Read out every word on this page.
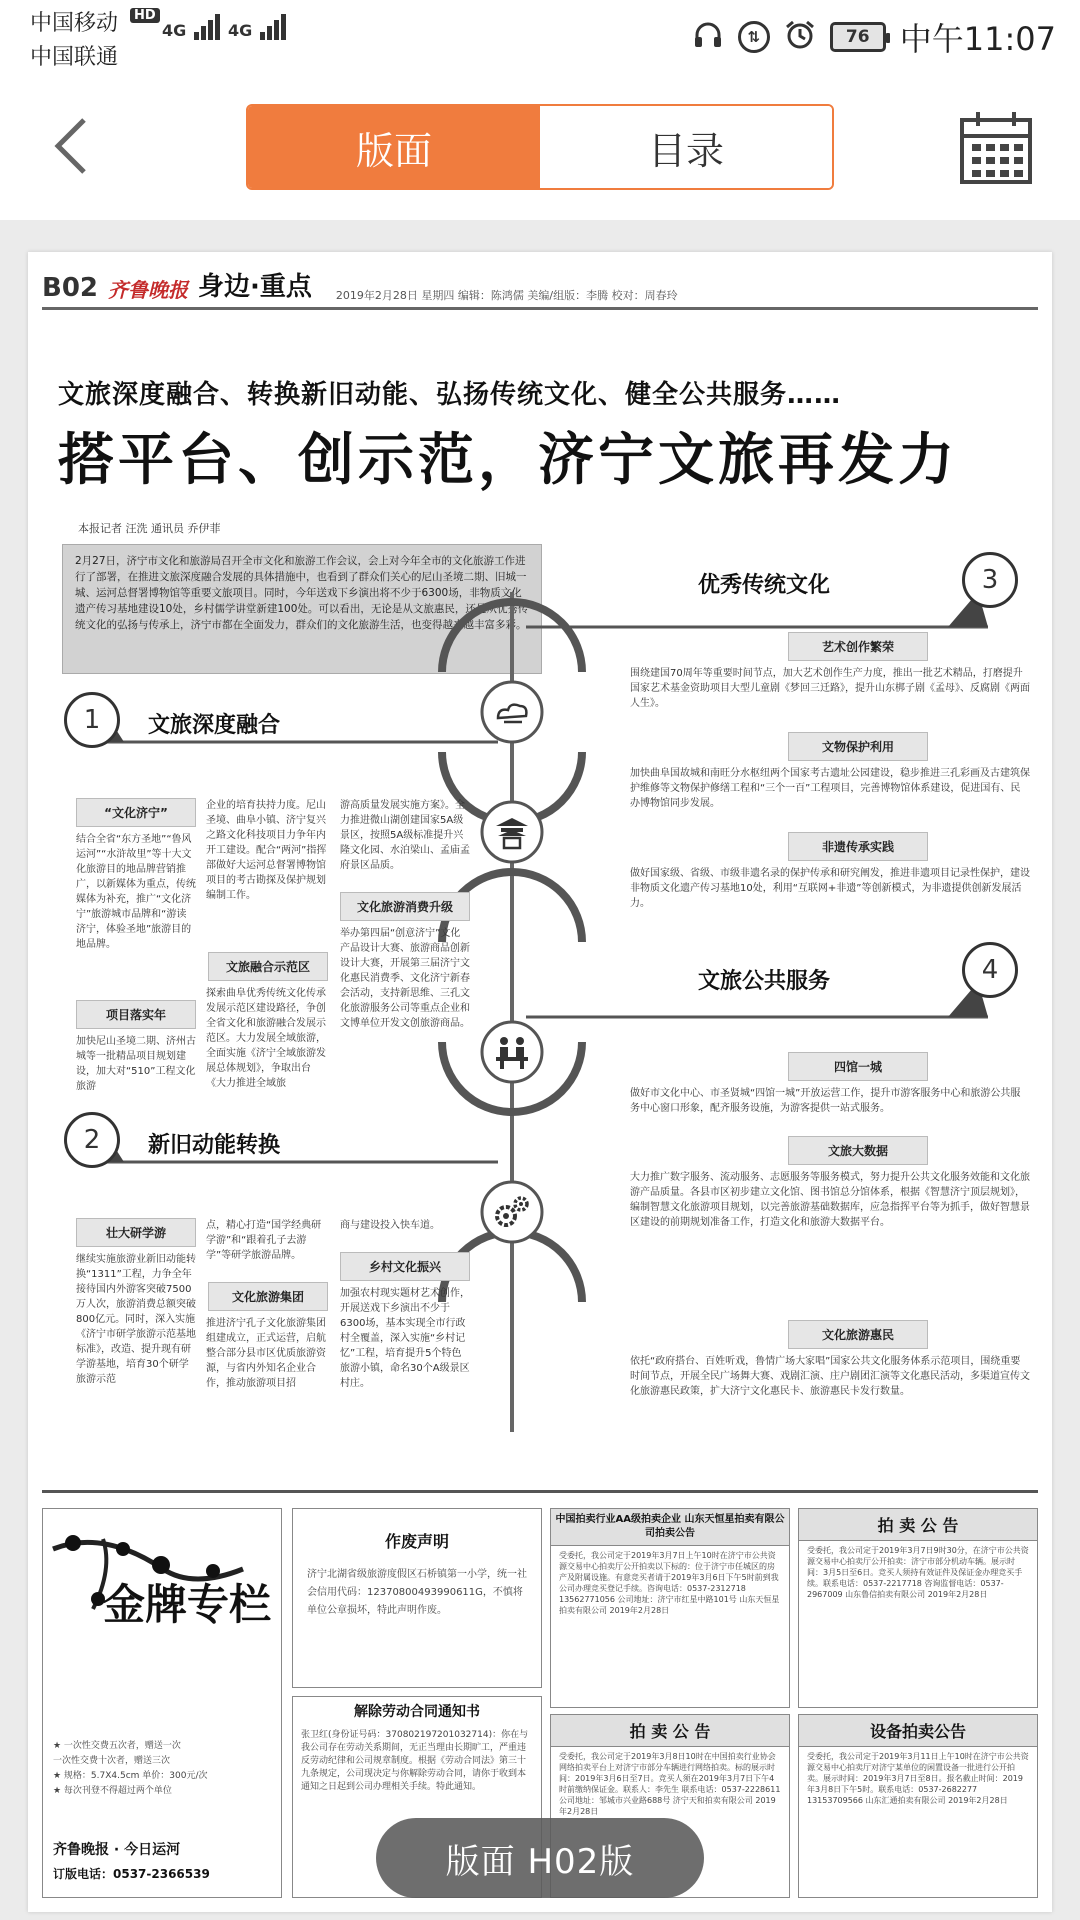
中国移动	HD
中国联通
4G	4G	⇅	76 中午11:07
版面	目录
B02 齐鲁晚报 身边·重点 2019年2月28日 星期四 编辑：陈鸿儒 美编/组版：李腾 校对：周春玲
文旅深度融合、转换新旧动能、弘扬传统文化、健全公共服务……
搭平台、创示范，济宁文旅再发力
本报记者 汪洗 通讯员 乔伊菲
2月27日，济宁市文化和旅游局召开全市文化和旅游工作会议，会上对今年全市的文化旅游工作进行了部署，在推进文旅深度融合发展的具体措施中，也看到了群众们关心的尼山圣境二期、旧城一城、运河总督署博物馆等重要文旅项目。同时，今年送戏下乡演出将不少于6300场，非物质文化遗产传习基地建设10处，乡村儒学讲堂新建100处。可以看出，无论是从文旅惠民，还是从优秀传统文化的弘扬与传承上，济宁市都在全面发力，群众们的文化旅游生活，也变得越来越丰富多彩。
1	文旅深度融合
2	新旧动能转换
3
优秀传统文化
4
文旅公共服务
“文化济宁”
结合全省“东方圣地”“鲁风运河”“水浒故里”等十大文化旅游目的地品牌营销推广，以新媒体为重点，传统媒体为补充，推广“文化济宁”旅游城市品牌和“游读济宁，体验圣地”旅游目的地品牌。
项目落实年
加快尼山圣境二期、济州古城等一批精品项目规划建设，加大对“510”工程文化旅游
企业的培育扶持力度。尼山圣境、曲阜小镇、济宁复兴之路文化科技项目力争年内开工建设。配合“两河”指挥部做好大运河总督署博物馆项目的考古勘探及保护规划编制工作。
文旅融合示范区
探索曲阜优秀传统文化传承发展示范区建设路径，争创全省文化和旅游融合发展示范区。大力发展全域旅游，全面实施《济宁全域旅游发展总体规划》，争取出台《大力推进全域旅
游高质量发展实施方案》。全力推进微山湖创建国家5A级景区，按照5A级标准提升兴隆文化园、水泊梁山、孟庙孟府景区品质。
文化旅游消费升级
举办第四届“创意济宁”文化产品设计大赛、旅游商品创新设计大赛，开展第三届济宁文化惠民消费季、文化济宁新春会活动，支持新思维、三孔文化旅游服务公司等重点企业和文博单位开发文创旅游商品。
艺术创作繁荣
围绕建国70周年等重要时间节点，加大艺术创作生产力度，推出一批艺术精品，打磨提升国家艺术基金资助项目大型儿童剧《梦回三迁路》，提升山东梆子剧《孟母》、反腐剧《两面人生》。
文物保护利用
加快曲阜国故城和南旺分水枢纽两个国家考古遗址公园建设，稳步推进三孔彩画及古建筑保护维修等文物保护修缮工程和“三个一百”工程项目，完善博物馆体系建设，促进国有、民办博物馆同步发展。
非遗传承实践
做好国家级、省级、市级非遗名录的保护传承和研究阐发，推进非遗项目记录性保护，建设非物质文化遗产传习基地10处，利用“互联网+非遗”等创新模式，为非遗提供创新发展活力。
四馆一城
做好市文化中心、市圣贤城“四馆一城”开放运营工作，提升市游客服务中心和旅游公共服务中心窗口形象，配齐服务设施，为游客提供一站式服务。
文旅大数据
大力推广数字服务、流动服务、志愿服务等服务模式，努力提升公共文化服务效能和文化旅游产品质量。各县市区初步建立文化馆、图书馆总分馆体系，根据《智慧济宁顶层规划》，编制智慧文化旅游项目规划，以完善旅游基础数据库，应急指挥平台等为抓手，做好智慧景区建设的前期规划准备工作，打造文化和旅游大数据平台。
文化旅游惠民
依托“政府搭台、百姓听戏，鲁情广场大家唱”国家公共文化服务体系示范项目，围绕重要时间节点，开展全民广场舞大赛、戏剧汇演、庄户剧团汇演等文化惠民活动，多渠道宣传文化旅游惠民政策，扩大济宁文化惠民卡、旅游惠民卡发行数量。
壮大研学游
继续实施旅游业新旧动能转换“1311”工程，力争全年接待国内外游客突破7500万人次，旅游消费总额突破800亿元。同时，深入实施《济宁市研学旅游示范基地标准》，改造、提升现有研学游基地，培育30个研学旅游示范
点，精心打造“国学经典研学游”和“跟着孔子去游学”等研学旅游品牌。
文化旅游集团
推进济宁孔子文化旅游集团组建成立，正式运营，启航整合部分县市区优质旅游资源，与省内外知名企业合作，推动旅游项目招
商与建设投入快车道。
乡村文化振兴
加强农村现实题材艺术创作，开展送戏下乡演出不少于6300场，基本实现全市行政村全覆盖，深入实施“乡村记忆”工程，培育提升5个特色旅游小镇，命名30个A级景区村庄。
金牌专栏
★ 一次性交费五次者，赠送一次
一次性交费十次者，赠送三次
★ 规格：5.7X4.5cm 单价：300元/次
★ 每次刊登不得超过两个单位
齐鲁晚报 · 今日运河
订版电话：0537-2366539
作废声明
济宁北湖省级旅游度假区石桥镇第一小学，统一社会信用代码：12370800493990611G，不慎将单位公章损坏，特此声明作废。
解除劳动合同通知书
张卫红(身份证号码：370802197201032714)：你在与我公司存在劳动关系期间，无正当理由长期旷工，严重违反劳动纪律和公司规章制度。根据《劳动合同法》第三十九条规定，公司现决定与你解除劳动合同，请你于收到本通知之日起到公司办理相关手续。特此通知。
中国拍卖行业AA级拍卖企业 山东天恒星拍卖有限公司拍卖公告
受委托，我公司定于2019年3月7日上午10时在济宁市公共资源交易中心拍卖厅公开拍卖以下标的：位于济宁市任城区的房产及附属设施。有意竞买者请于2019年3月6日下午5时前到我公司办理竞买登记手续。咨询电话：0537-2312718 13562771056 公司地址：济宁市红星中路101号 山东天恒星拍卖有限公司 2019年2月28日
拍 卖 公 告
受委托，我公司定于2019年3月8日10时在中国拍卖行业协会网络拍卖平台上对济宁市部分车辆进行网络拍卖。标的展示时间：2019年3月6日至7日。竞买人须在2019年3月7日下午4时前缴纳保证金。联系人：李先生 联系电话：0537-2228611 公司地址：邹城市兴业路688号 济宁天和拍卖有限公司 2019年2月28日
拍 卖 公 告
受委托，我公司定于2019年3月7日9时30分，在济宁市公共资源交易中心拍卖厅公开拍卖：济宁市部分机动车辆。展示时间：3月5日至6日。竞买人须持有效证件及保证金办理竞买手续。联系电话：0537-2217718 咨询监督电话：0537-2967009 山东鲁信拍卖有限公司 2019年2月28日
设备拍卖公告
受委托，我公司定于2019年3月11日上午10时在济宁市公共资源交易中心拍卖厅对济宁某单位的闲置设备一批进行公开拍卖。展示时间：2019年3月7日至8日。报名截止时间：2019年3月8日下午5时。联系电话：0537-2682277 13153709566 山东汇通拍卖有限公司 2019年2月28日
版面 H02版
